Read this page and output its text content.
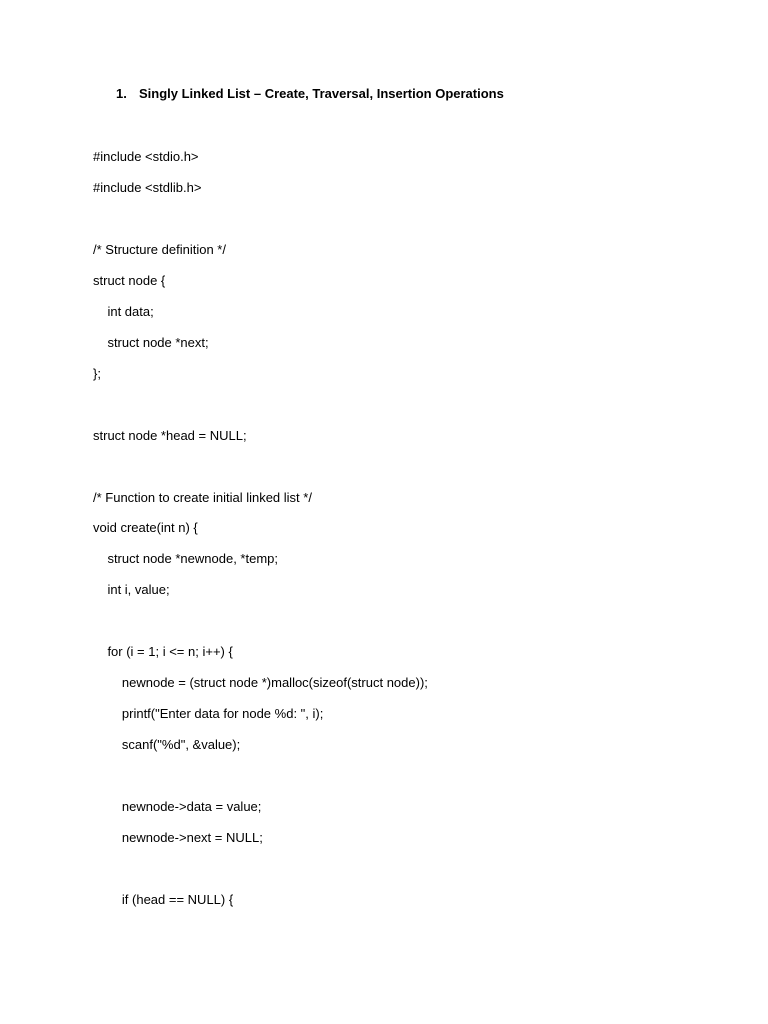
1. Singly Linked List – Create, Traversal, Insertion Operations
#include <stdio.h>
#include <stdlib.h>
/* Structure definition */
struct node {
int data;
struct node *next;
};
struct node *head = NULL;
/* Function to create initial linked list */
void create(int n) {
struct node *newnode, *temp;
int i, value;
for (i = 1; i <= n; i++) {
newnode = (struct node *)malloc(sizeof(struct node));
printf("Enter data for node %d: ", i);
scanf("%d", &value);
newnode->data = value;
newnode->next = NULL;
if (head == NULL) {
